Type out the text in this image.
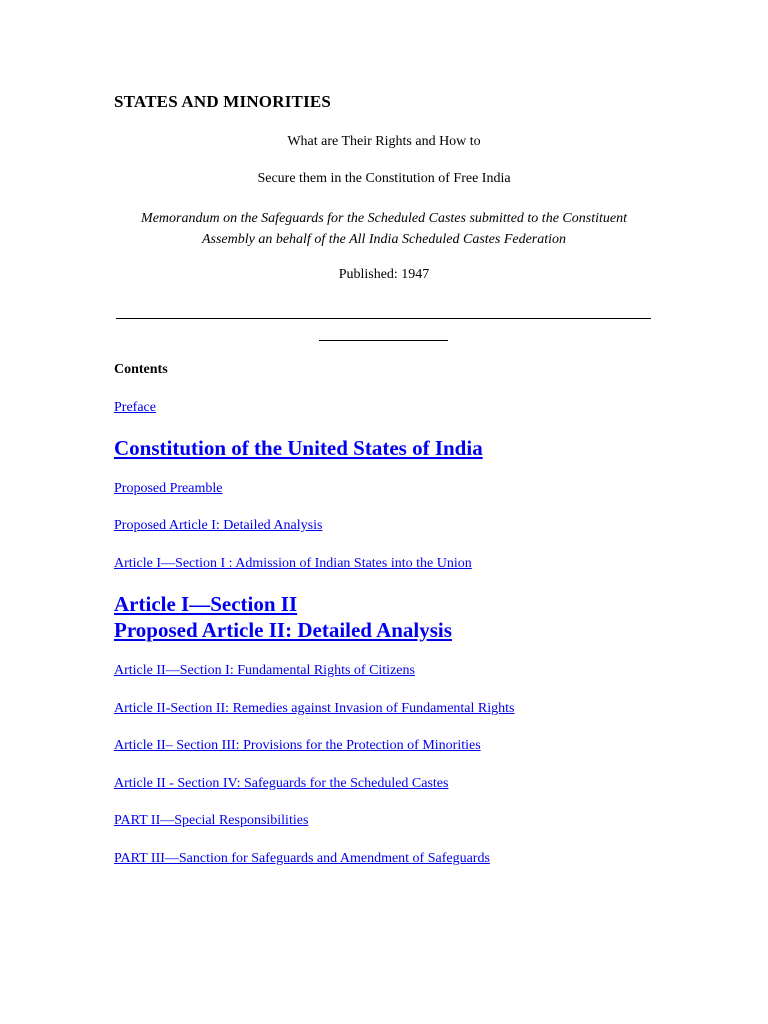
STATES AND MINORITIES
What are Their Rights and How to
Secure them in the Constitution of Free India
Memorandum on the Safeguards for the Scheduled Castes submitted to the Constituent Assembly an behalf of the All India Scheduled Castes Federation
Published: 1947
Contents
Preface
Constitution of the United States of India
Proposed Preamble
Proposed Article I: Detailed Analysis
Article I—Section I : Admission of Indian States into the Union
Article I—Section II
Proposed Article II: Detailed Analysis
Article II—Section I: Fundamental Rights of Citizens
Article II-Section II: Remedies against Invasion of Fundamental Rights
Article II– Section III: Provisions for the Protection of Minorities
Article II - Section IV: Safeguards for the Scheduled Castes
PART II—Special Responsibilities
PART III—Sanction for Safeguards and Amendment of Safeguards
